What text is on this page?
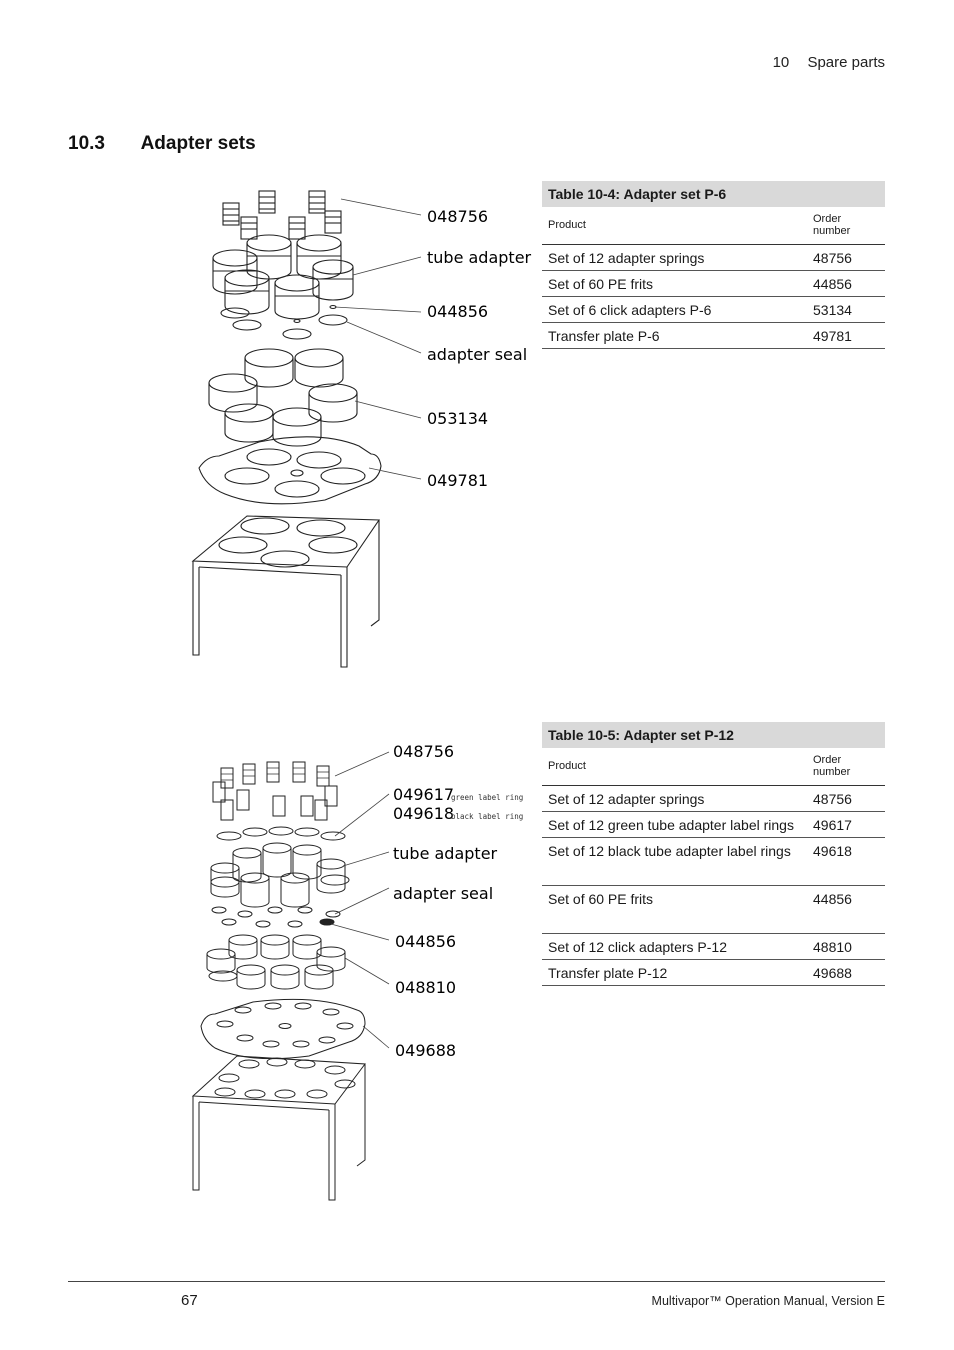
10 Spare parts
10.3 Adapter sets
048756
tube adapter
044856
adapter seal
053134
049781
Table 10-4: Adapter set P-6	
Product	Order number
Set of 12 adapter springs	48756
Set of 60 PE frits	44856
Set of 6 click adapters P-6	53134
Transfer plate P-6	49781
048756
049617
green label ring
049618
black label ring
tube adapter
adapter seal
044856
048810
049688
Table 10-5: Adapter set P-12	
Product	Order number
Set of 12 adapter springs	48756
Set of 12 green tube adapter label rings	49617
Set of 12 black tube adapter label rings	49618
Set of 60 PE frits	44856
Set of 12 click adapters P-12	48810
Transfer plate P-12	49688
67	Multivapor™ Operation Manual, Version E
